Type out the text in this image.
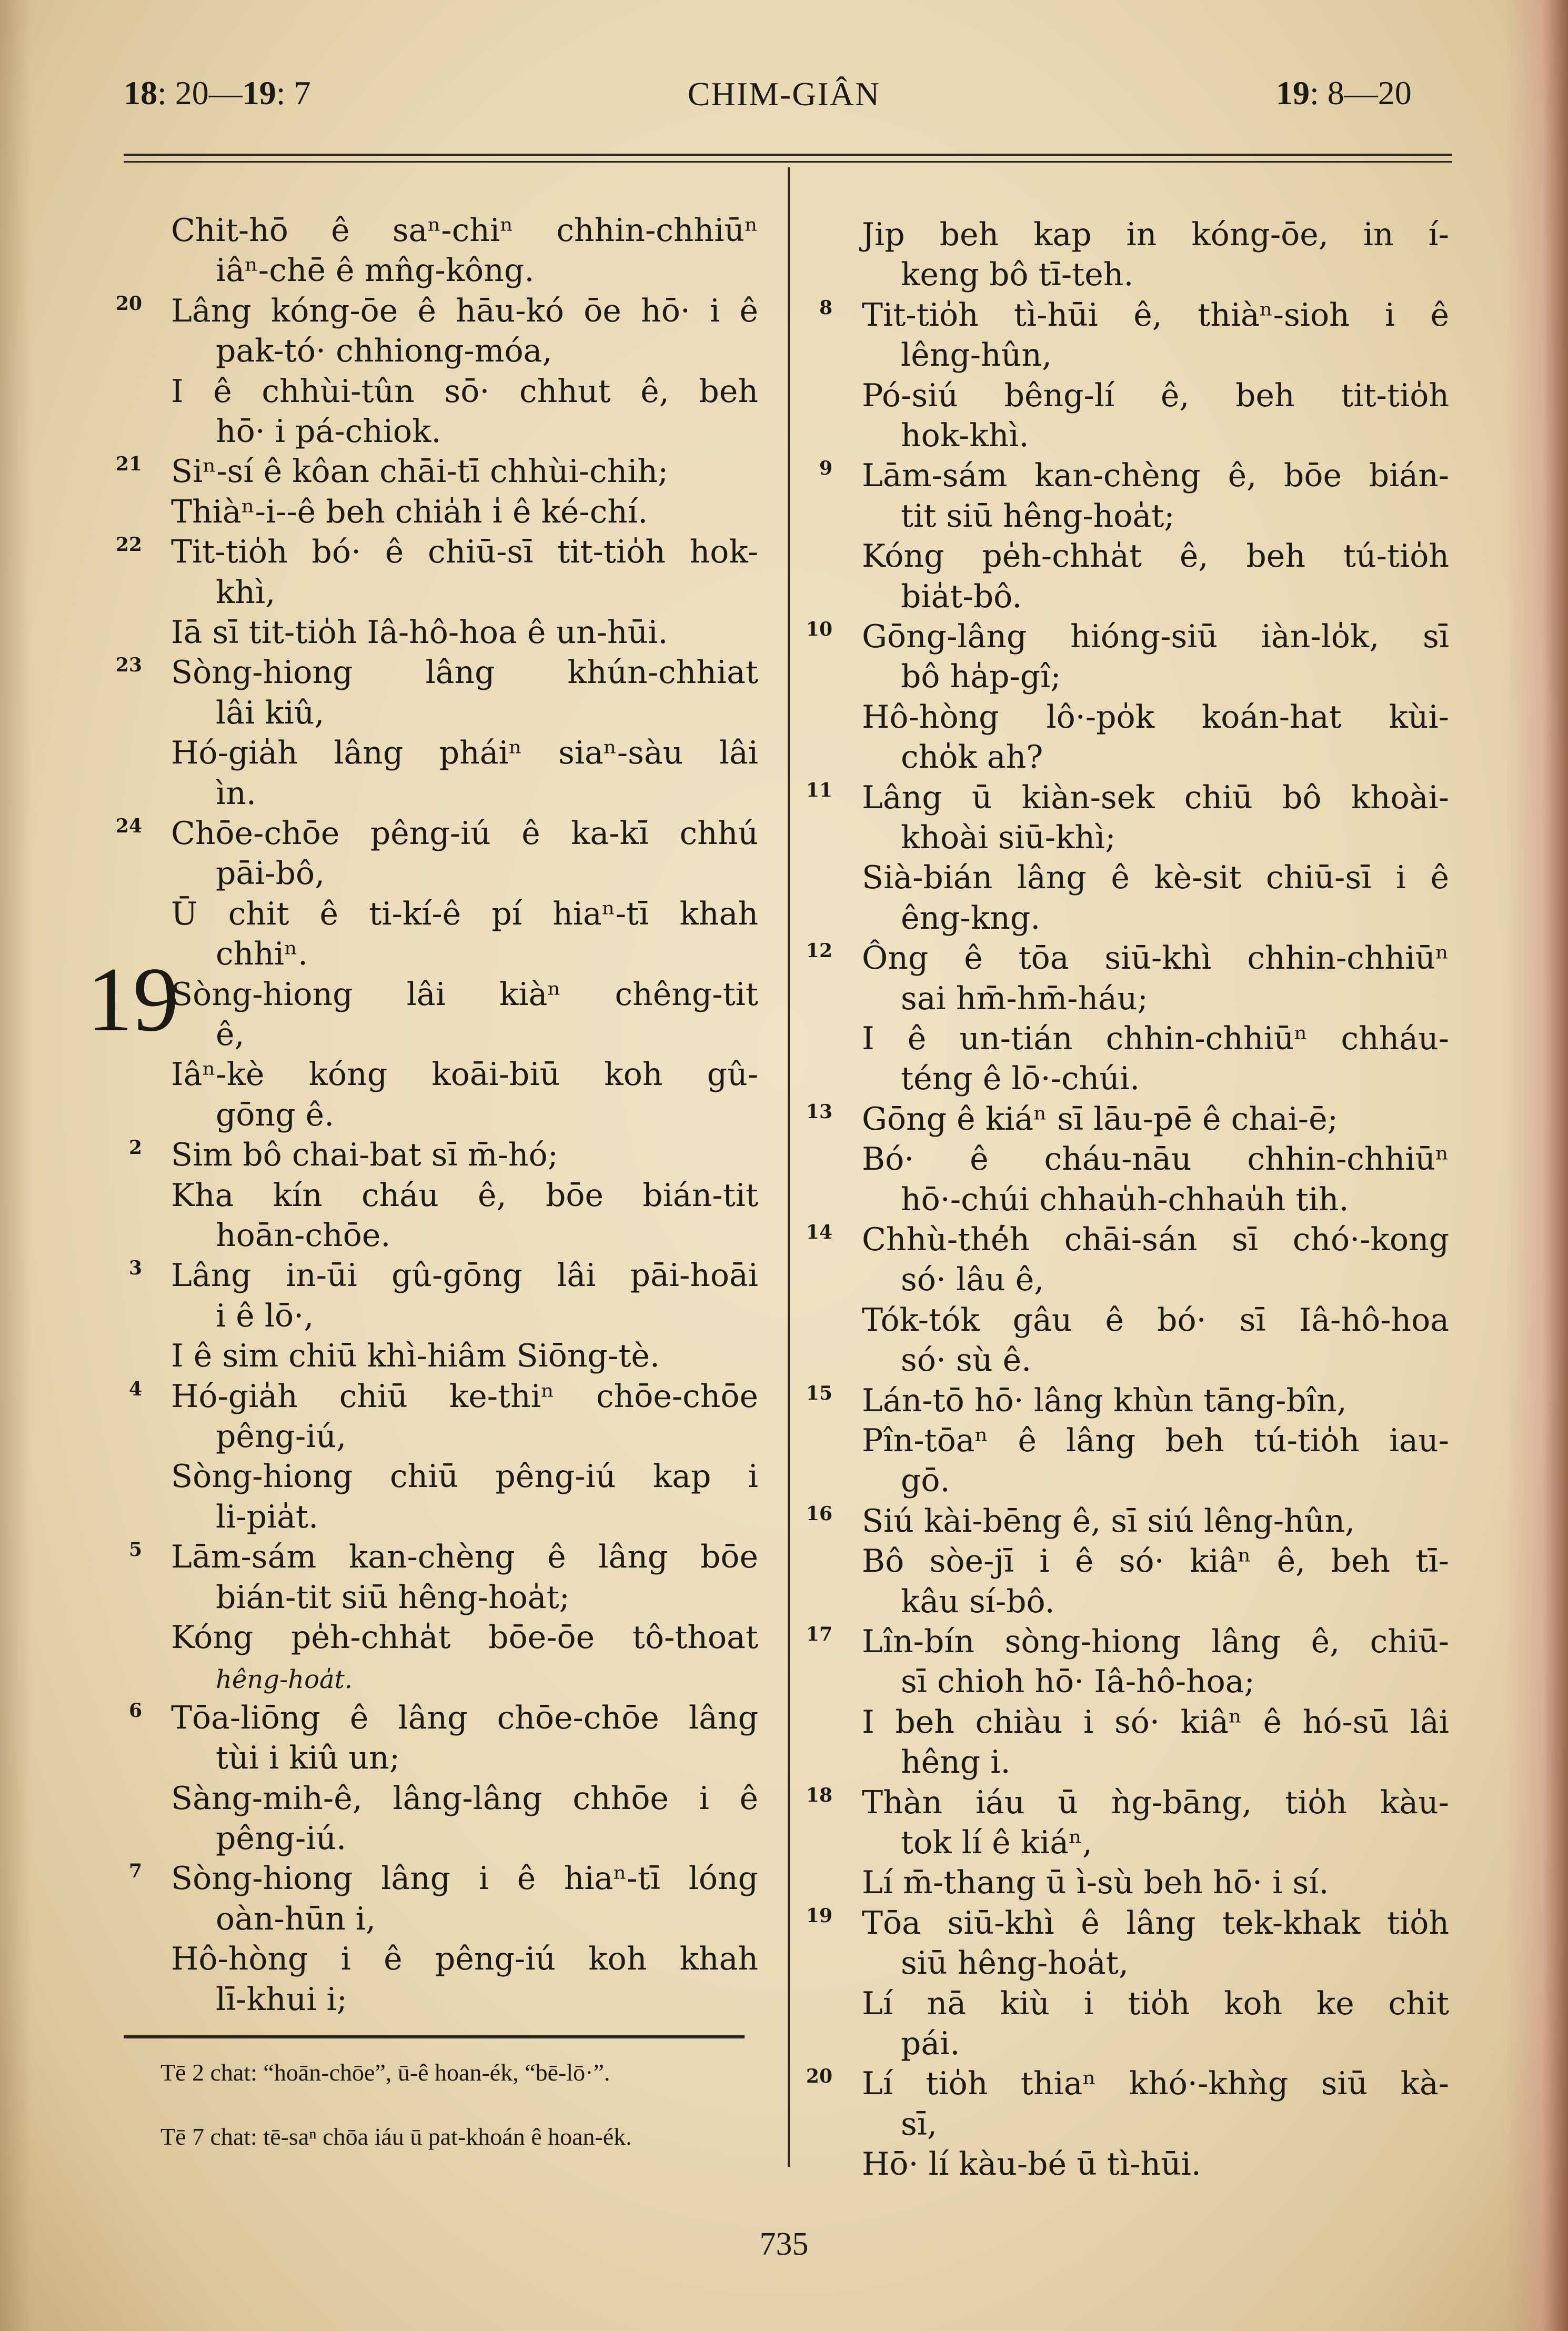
18: 20—19: 7	CHIM-GIÂN	19: 8—20
Chit-hō ê saⁿ-chiⁿ chhin-chhiūⁿ
iâⁿ-chē ê mn̂g-kông.
Lâng kóng-ōe ê hāu-kó ōe hō· i ê
20
pak-tó· chhiong-móa,
I ê chhùi-tûn sō· chhut ê, beh
hō· i pá-chiok.
Siⁿ-sí ê kôan chāi-tī chhùi-chih;
21
Thiàⁿ-i--ê beh chia̍h i̍ ê ké-chí.
Tit-tio̍h bó· ê chiū-sī tit-tio̍h hok-
22
khì,
Iā sī tit-tio̍h Iâ-hô-hoa ê un-hūi.
Sòng-hiong lâng khún-chhiat
23
lâi kiû,
Hó-gia̍h lâng pháiⁿ siaⁿ-sàu lâi
ìn.
Chōe-chōe pêng-iú ê ka-kī chhú
24
pāi-bô,
Ū chit ê ti-kí-ê pí hiaⁿ-tī khah
chhiⁿ.
Sòng-hiong lâi kiàⁿ chêng-tit
19 ê,
Iâⁿ-kè kóng koāi-biū koh gû-
gōng ê.
Sim bô chai-bat sī m̄-hó;
2
Kha kín cháu ê, bōe bián-tit
hoān-chōe.
Lâng in-ūi gû-gōng lâi pāi-hoāi
3
i ê lō·,
I ê sim chiū khì-hiâm Siōng-tè.
Hó-gia̍h chiū ke-thiⁿ chōe-chōe
4
pêng-iú,
Sòng-hiong chiū pêng-iú kap i
li-pia̍t.
Lām-sám kan-chèng ê lâng bōe
5
bián-tit siū hêng-hoa̍t;
Kóng pe̍h-chha̍t bōe-ōe tô-thoat
hêng-hoa̍t.
Tōa-liōng ê lâng chōe-chōe lâng
6
tùi i kiû un;
Sàng-mih-ê, lâng-lâng chhōe i ê
pêng-iú.
Sòng-hiong lâng i ê hiaⁿ-tī lóng
7
oàn-hūn i,
Hô-hòng i ê pêng-iú koh khah
lī-khui i;
Jip beh kap in kóng-ōe, in í-
keng bô tī-teh.
Tit-tio̍h tì-hūi ê, thiàⁿ-sioh i ê
8
lêng-hûn,
Pó-siú bêng-lí ê, beh tit-tio̍h
hok-khì.
Lām-sám kan-chèng ê, bōe bián-
9
tit siū hêng-hoa̍t;
Kóng pe̍h-chha̍t ê, beh tú-tio̍h
bia̍t-bô.
Gōng-lâng hióng-siū iàn-lo̍k, sī
10
bô ha̍p-gî;
Hô-hòng lô·-po̍k koán-hat kùi-
cho̍k ah?
Lâng ū kiàn-sek chiū bô khoài-
11
khoài siū-khì;
Sià-bián lâng ê kè-sit chiū-sī i ê
êng-kng.
Ông ê tōa siū-khì chhin-chhiūⁿ
12
sai hm̄-hm̄-háu;
I ê un-tián chhin-chhiūⁿ chháu-
téng ê lō·-chúi.
Gōng ê kiáⁿ sī lāu-pē ê chai-ē;
13
Bó· ê cháu-nāu chhin-chhiūⁿ
hō·-chúi chhau̍h-chhau̍h tih.
Chhù-thé̍h chāi-sán sī chó·-kong
14
só· lâu ê,
Tók-tók gâu ê bó· sī Iâ-hô-hoa
só· sù ê.
Lán-tō hō· lâng khùn tāng-bîn,
15
Pîn-tōaⁿ ê lâng beh tú-tio̍h iau-
gō.
Siú kài-bēng ê, sī siú lêng-hûn,
16
Bô sòe-jī i ê só· kiâⁿ ê, beh tī-
kâu sí-bô.
Lîn-bín sòng-hiong lâng ê, chiū-
17
sī chioh hō· Iâ-hô-hoa;
I beh chiàu i só· kiâⁿ ê hó-sū lâi
hêng i.
Thàn iáu ū ǹg-bāng, tio̍h kàu-
18
tok lí ê kiáⁿ,
Lí m̄-thang ū ì-sù beh hō· i sí.
Tōa siū-khì ê lâng tek-khak tio̍h
19
siū hêng-hoa̍t,
Lí nā kiù i tio̍h koh ke chit
pái.
Lí tio̍h thiaⁿ khó·-khǹg siū kà-
20
sī,
Hō· lí kàu-bé ū tì-hūi.
Tē 2 chat: “hoān-chōe”, ū-ê hoan-ék, “bē-lō·”.
Tē 7 chat: tē-saⁿ chōa iáu ū pat-khoán ê hoan-ék.
735
